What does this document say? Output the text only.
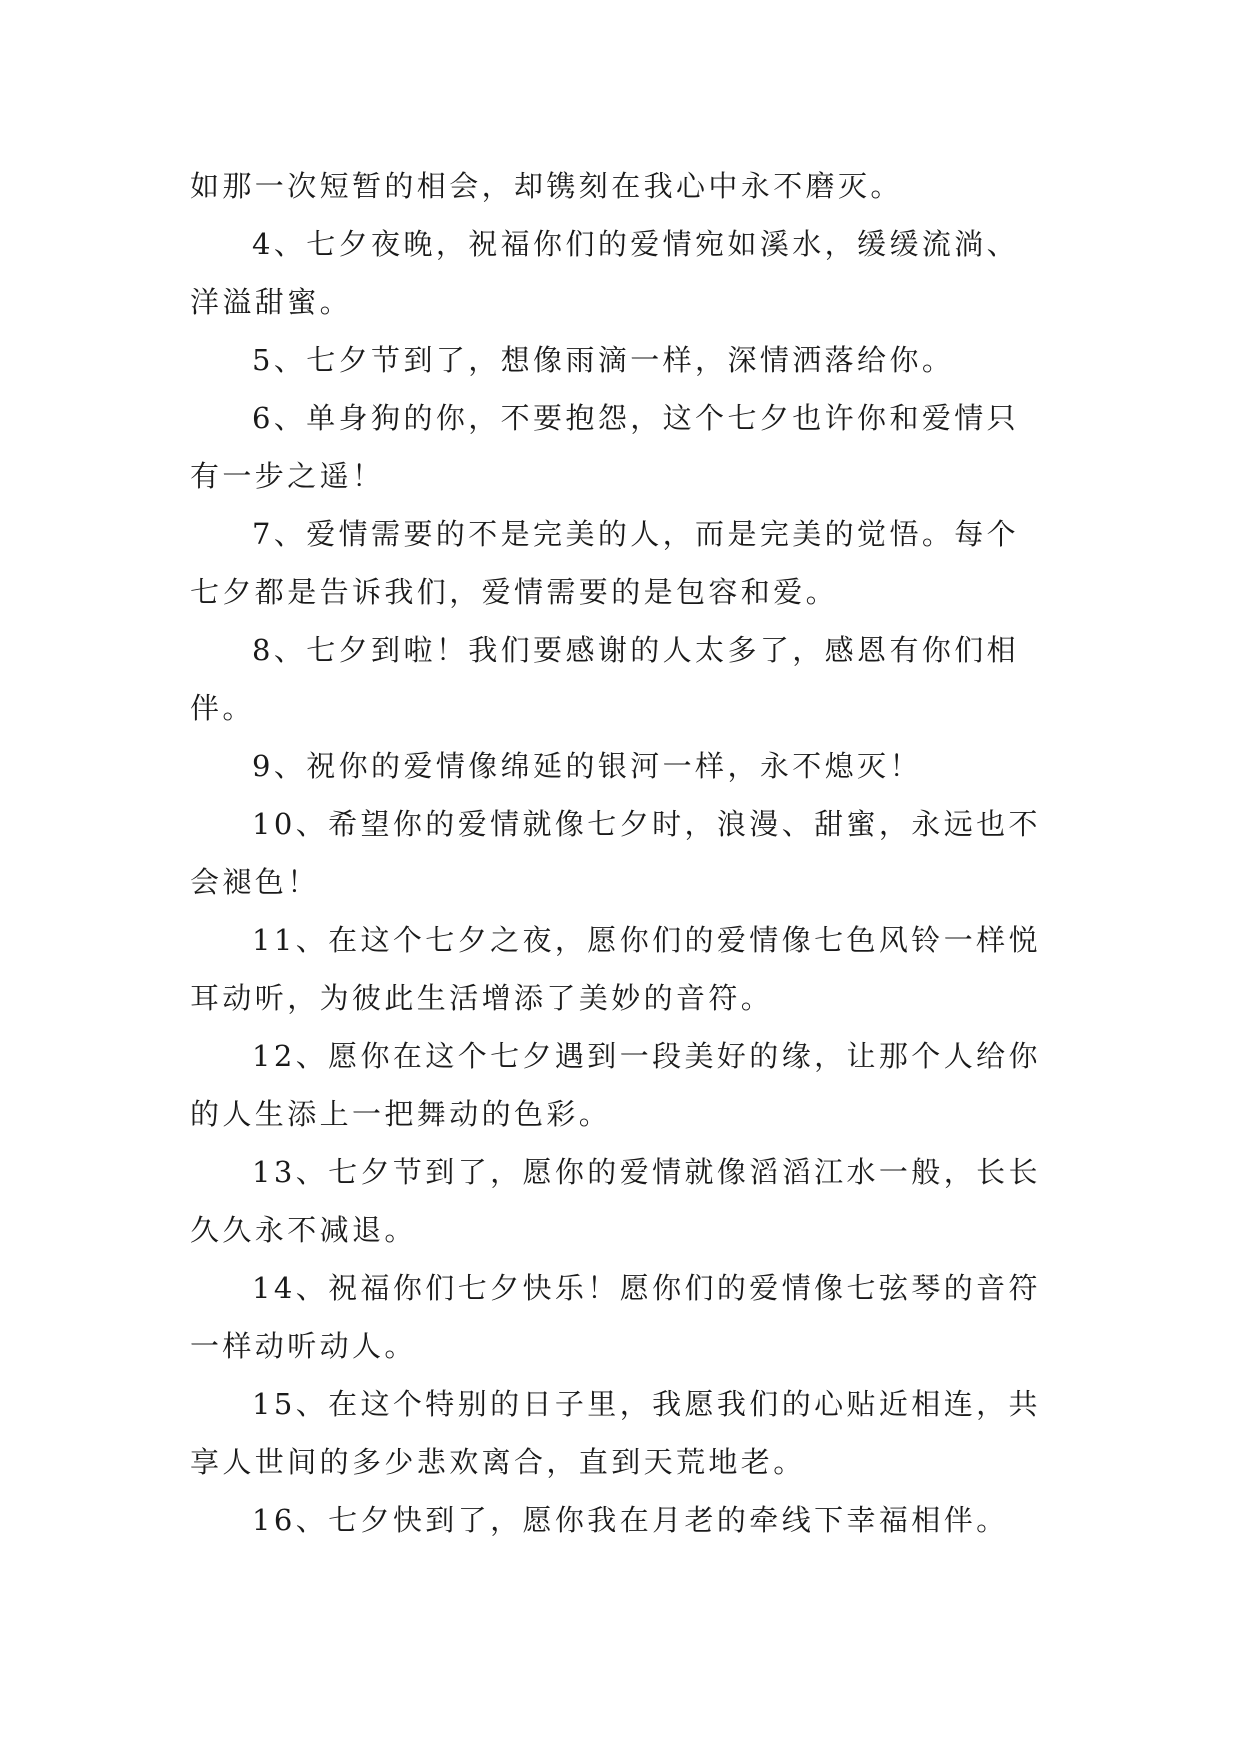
如那一次短暂的相会，却镌刻在我心中永不磨灭。
4、七夕夜晚，祝福你们的爱情宛如溪水，缓缓流淌、
洋溢甜蜜。
5、七夕节到了，想像雨滴一样，深情洒落给你。
6、单身狗的你，不要抱怨，这个七夕也许你和爱情只
有一步之遥！
7、爱情需要的不是完美的人，而是完美的觉悟。每个
七夕都是告诉我们，爱情需要的是包容和爱。
8、七夕到啦！我们要感谢的人太多了，感恩有你们相
伴。
9、祝你的爱情像绵延的银河一样，永不熄灭！
10、希望你的爱情就像七夕时，浪漫、甜蜜，永远也不
会褪色！
11、在这个七夕之夜，愿你们的爱情像七色风铃一样悦
耳动听，为彼此生活增添了美妙的音符。
12、愿你在这个七夕遇到一段美好的缘，让那个人给你
的人生添上一把舞动的色彩。
13、七夕节到了，愿你的爱情就像滔滔江水一般，长长
久久永不减退。
14、祝福你们七夕快乐！愿你们的爱情像七弦琴的音符
一样动听动人。
15、在这个特别的日子里，我愿我们的心贴近相连，共
享人世间的多少悲欢离合，直到天荒地老。
16、七夕快到了，愿你我在月老的牵线下幸福相伴。
